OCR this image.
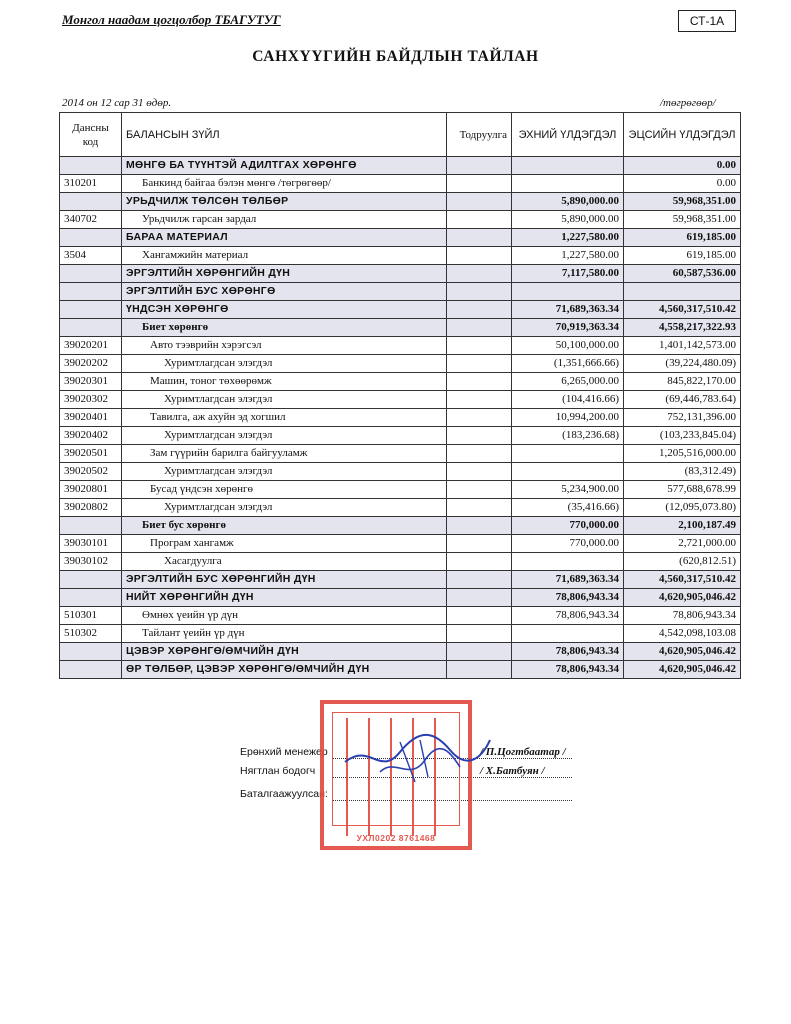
Монгол наадам цогцолбор ТБАГУТУГ	СТ-1А
САНХҮҮГИЙН БАЙДЛЫН ТАЙЛАН
2014 он 12 сар 31 өдөр.	/төгрөгөөр/
Дансны код	БАЛАНСЫН ЗҮЙЛ	Тодруулга	ЭХНИЙ ҮЛДЭГДЭЛ	ЭЦСИЙН ҮЛДЭГДЭЛ
	МӨНГӨ БА ТҮҮНТЭЙ АДИЛТГАХ ХӨРӨНГӨ			0.00
310201	Банкинд байгаа бэлэн мөнгө /төгрөгөөр/			0.00
	УРЬДЧИЛЖ ТӨЛСӨН ТӨЛБӨР		5,890,000.00	59,968,351.00
340702	Урьдчилж гарсан зардал		5,890,000.00	59,968,351.00
	БАРАА МАТЕРИАЛ		1,227,580.00	619,185.00
3504	Хангамжийн материал		1,227,580.00	619,185.00
	ЭРГЭЛТИЙН ХӨРӨНГИЙН ДҮН		7,117,580.00	60,587,536.00
	ЭРГЭЛТИЙН БУС ХӨРӨНГӨ			
	ҮНДСЭН ХӨРӨНГӨ		71,689,363.34	4,560,317,510.42
	Биет хөрөнгө		70,919,363.34	4,558,217,322.93
39020201	Авто тээврийн хэрэгсэл		50,100,000.00	1,401,142,573.00
39020202	Хуримтлагдсан элэгдэл		(1,351,666.66)	(39,224,480.09)
39020301	Машин, тоног төхөөрөмж		6,265,000.00	845,822,170.00
39020302	Хуримтлагдсан элэгдэл		(104,416.66)	(69,446,783.64)
39020401	Тавилга, аж ахуйн эд хогшил		10,994,200.00	752,131,396.00
39020402	Хуримтлагдсан элэгдэл		(183,236.68)	(103,233,845.04)
39020501	Зам гүүрийн барилга байгууламж			1,205,516,000.00
39020502	Хуримтлагдсан элэгдэл			(83,312.49)
39020801	Бусад үндсэн хөрөнгө		5,234,900.00	577,688,678.99
39020802	Хуримтлагдсан элэгдэл		(35,416.66)	(12,095,073.80)
	Биет бус хөрөнгө		770,000.00	2,100,187.49
39030101	Програм хангамж		770,000.00	2,721,000.00
39030102	Хасагдуулга			(620,812.51)
	ЭРГЭЛТИЙН БУС ХӨРӨНГИЙН ДҮН		71,689,363.34	4,560,317,510.42
	НИЙТ ХӨРӨНГИЙН ДҮН		78,806,943.34	4,620,905,046.42
510301	Өмнөх үеийн үр дүн		78,806,943.34	78,806,943.34
510302	Тайлант үеийн үр дүн			4,542,098,103.08
	ЦЭВЭР ХӨРӨНГӨ/ӨМЧИЙН ДҮН		78,806,943.34	4,620,905,046.42
	ӨР ТӨЛБӨР, ЦЭВЭР ХӨРӨНГӨ/ӨМЧИЙН ДҮН		78,806,943.34	4,620,905,046.42
Ерөнхий менежер	/ П.Цогтбаатар /
Нягтлан бодогч	/ Х.Батбуян /
Баталгаажуулсан:
УХЛ0202 8761468
